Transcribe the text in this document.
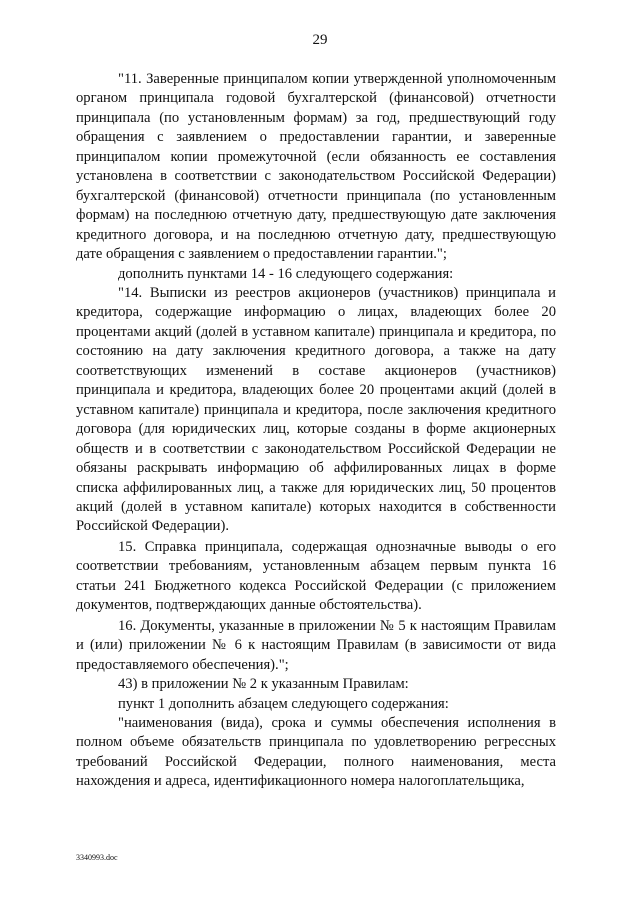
29

"11. Заверенные принципалом копии утвержденной уполномоченным органом принципала годовой бухгалтерской (финансовой) отчетности принципала (по установленным формам) за год, предшествующий году обращения с заявлением о предоставлении гарантии, и заверенные принципалом копии промежуточной (если обязанность ее составления установлена в соответствии с законодательством Российской Федерации) бухгалтерской (финансовой) отчетности принципала (по установленным формам) на последнюю отчетную дату, предшествующую дате заключения кредитного договора, и на последнюю отчетную дату, предшествующую дате обращения с заявлением о предоставлении гарантии.";

дополнить пунктами 14 - 16 следующего содержания:

"14. Выписки из реестров акционеров (участников) принципала и кредитора, содержащие информацию о лицах, владеющих более 20 процентами акций (долей в уставном капитале) принципала и кредитора, по состоянию на дату заключения кредитного договора, а также на дату соответствующих изменений в составе акционеров (участников) принципала и кредитора, владеющих более 20 процентами акций (долей в уставном капитале) принципала и кредитора, после заключения кредитного договора (для юридических лиц, которые созданы в форме акционерных обществ и в соответствии с законодательством Российской Федерации не обязаны раскрывать информацию об аффилированных лицах в форме списка аффилированных лиц, а также для юридических лиц, 50 процентов акций (долей в уставном капитале) которых находится в собственности Российской Федерации).

15. Справка принципала, содержащая однозначные выводы о его соответствии требованиям, установленным абзацем первым пункта 16 статьи 241 Бюджетного кодекса Российской Федерации (с приложением документов, подтверждающих данные обстоятельства).

16. Документы, указанные в приложении № 5 к настоящим Правилам и (или) приложении № 6 к настоящим Правилам (в зависимости от вида предоставляемого обеспечения).";

43) в приложении № 2 к указанным Правилам:

пункт 1 дополнить абзацем следующего содержания:

"наименования (вида), срока и суммы обеспечения исполнения в полном объеме обязательств принципала по удовлетворению регрессных требований Российской Федерации, полного наименования, места нахождения и адреса, идентификационного номера налогоплательщика,

3340993.doc
